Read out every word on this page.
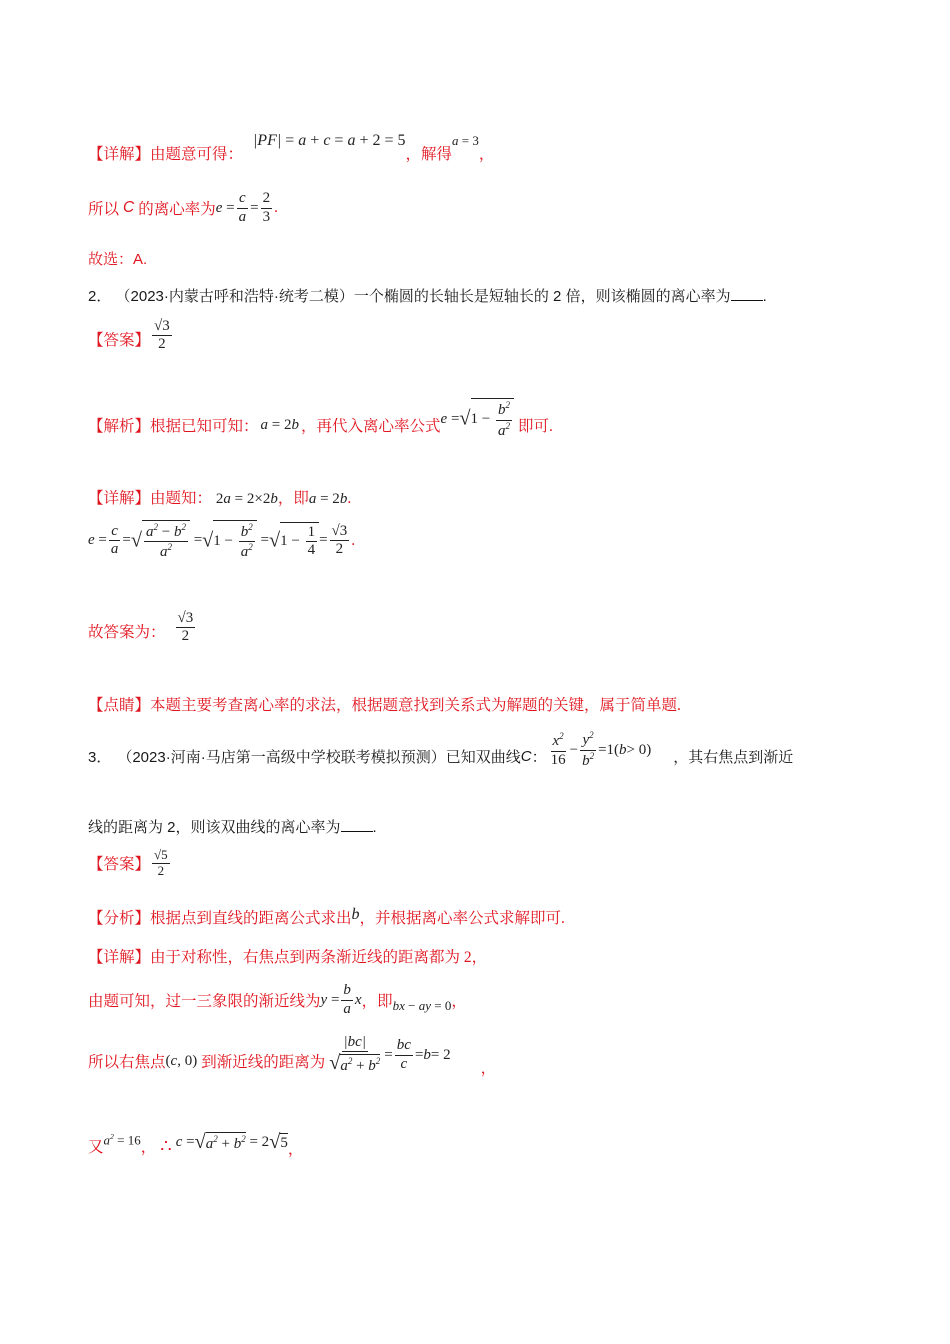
【详解】由题意可得： |PF| = a + c = a + 2 = 5，解得a = 3，
所以 C 的离心率为 $e = \frac{c}{a} = \frac{2}{3}$ .
故选：A.
2． （2023·内蒙古呼和浩特·统考二模）一个椭圆的长轴长是短轴长的 2 倍，则该椭圆的离心率为 .
【答案】 $\frac{√3}{2}$
【解析】 根据已知可知： a = 2b ，再代入离心率公式 $e = √1 - \frac{b^2}{a^2}$ 即可.
【详解】由题知： 2a = 2×2b，即a = 2b.
$e = \frac{c}{a}$ = √ $\frac{a^2 - b^2}{a^2} = √1 - \frac{b^2}{a^2} = √1 - \frac{1}{4} = \frac{√3}{2}$ .
故答案为： $\frac{√3}{2}$
【点睛】本题主要考查离心率的求法，根据题意找到关系式为解题的关键，属于简单题.
3． （2023·河南·马店第一高级中学校联考模拟预测） 已知双曲线 C ： $\frac{x^2}{16} - \frac{y^2}{b^2} =1$( b > 0) ，其右焦点到渐近
线的距离为 2，则该双曲线的离心率为 .
【答案】 $\frac{√5}{2}$
【分析】根据点到直线的距离公式求出b，并根据离心率公式求解即可.
【详解】由于对称性，右焦点到两条渐近线的距离都为 2，
由题可知，过一三象限的渐近线为 $y = \frac{b}{a}$ x ，即 bx − ay = 0 ，
所以右焦点 (c, 0) 到渐近线的距离为 $\frac{|bc|}{√a^2 + b^2} = \frac{bc}{c} = b = 2$
，
又 $a^2 = 16$ ， ∴ $c = √a^2 + b^2 = 2$ √5 ，
